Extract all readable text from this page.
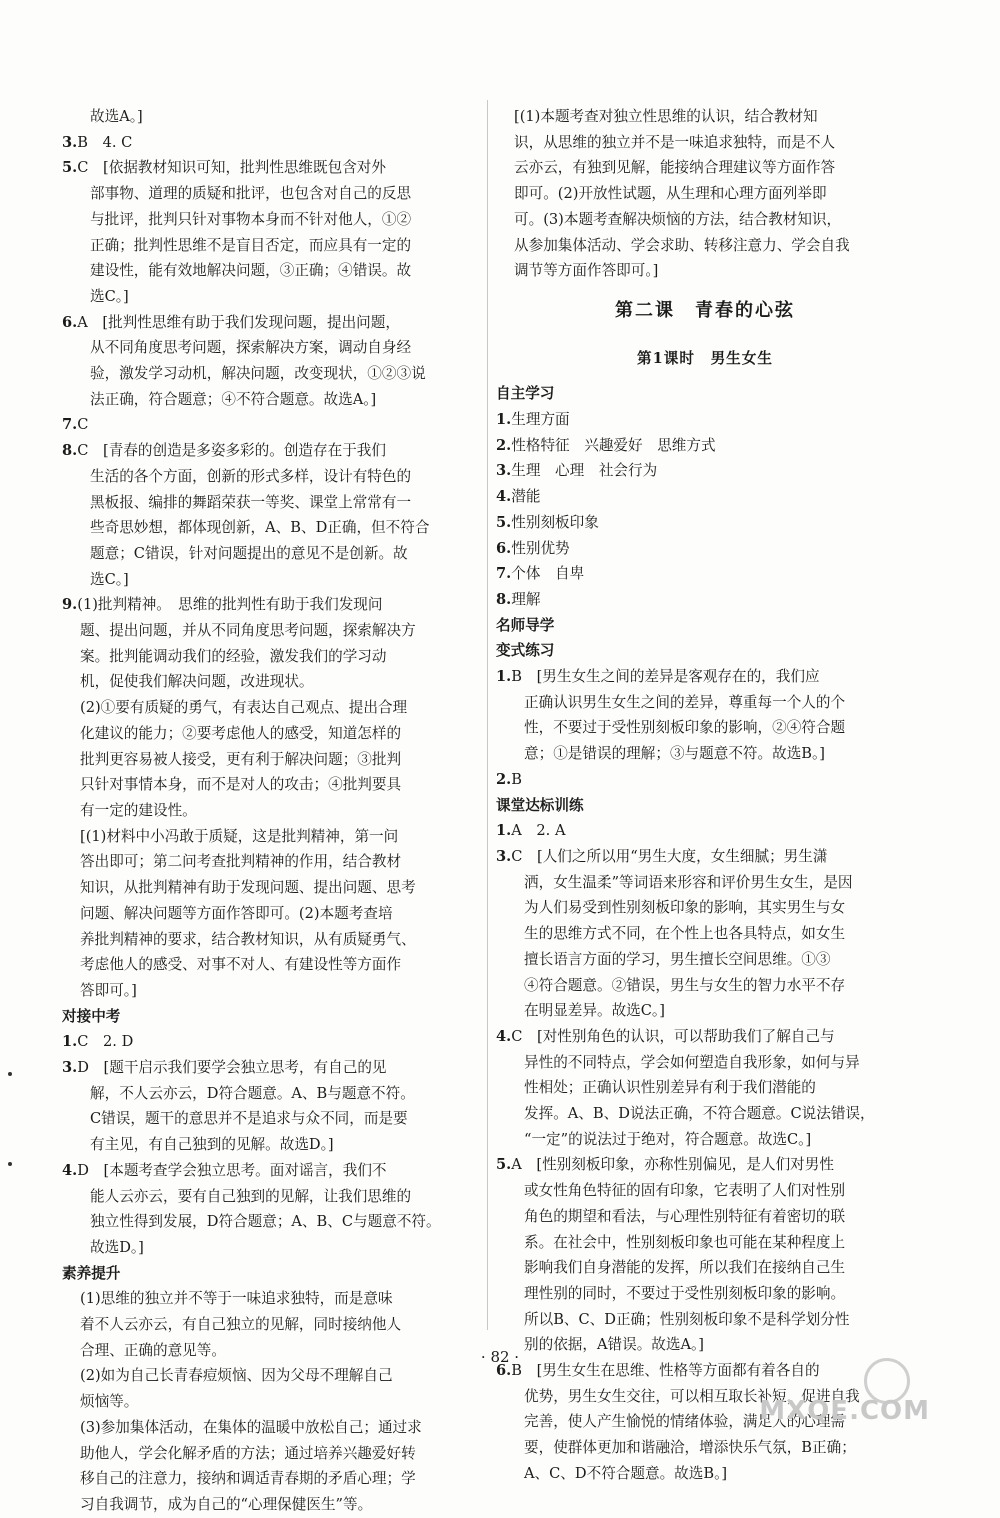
故选A。]
3.B　4. C
5.C　[依据教材知识可知，批判性思维既包含对外
部事物、道理的质疑和批评，也包含对自己的反思
与批评，批判只针对事物本身而不针对他人，①②
正确；批判性思维不是盲目否定，而应具有一定的
建设性，能有效地解决问题，③正确；④错误。故
选C。]
6.A　[批判性思维有助于我们发现问题，提出问题，
从不同角度思考问题，探索解决方案，调动自身经
验，激发学习动机，解决问题，改变现状，①②③说
法正确，符合题意；④不符合题意。故选A。]
7.C
8.C　[青春的创造是多姿多彩的。创造存在于我们
生活的各个方面，创新的形式多样，设计有特色的
黑板报、编排的舞蹈荣获一等奖、课堂上常常有一
些奇思妙想，都体现创新，A、B、D正确，但不符合
题意；C错误，针对问题提出的意见不是创新。故
选C。]
9.(1)批判精神。　思维的批判性有助于我们发现问
题、提出问题，并从不同角度思考问题，探索解决方
案。批判能调动我们的经验，激发我们的学习动
机，促使我们解决问题，改进现状。
(2)①要有质疑的勇气，有表达自己观点、提出合理
化建议的能力；②要考虑他人的感受，知道怎样的
批判更容易被人接受，更有利于解决问题；③批判
只针对事情本身，而不是对人的攻击；④批判要具
有一定的建设性。
[(1)材料中小冯敢于质疑，这是批判精神，第一问
答出即可；第二问考查批判精神的作用，结合教材
知识，从批判精神有助于发现问题、提出问题、思考
问题、解决问题等方面作答即可。(2)本题考查培
养批判精神的要求，结合教材知识，从有质疑勇气、
考虑他人的感受、对事不对人、有建设性等方面作
答即可。]
对接中考
1.C　2. D
3.D　[题干启示我们要学会独立思考，有自己的见
解，不人云亦云，D符合题意。A、B与题意不符。
C错误，题干的意思并不是追求与众不同，而是要
有主见，有自己独到的见解。故选D。]
4.D　[本题考查学会独立思考。面对谣言，我们不
能人云亦云，要有自己独到的见解，让我们思维的
独立性得到发展，D符合题意；A、B、C与题意不符。
故选D。]
素养提升
(1)思维的独立并不等于一味追求独特，而是意味
着不人云亦云，有自己独立的见解，同时接纳他人
合理、正确的意见等。
(2)如为自己长青春痘烦恼、因为父母不理解自己
烦恼等。
(3)参加集体活动，在集体的温暖中放松自己；通过求
助他人，学会化解矛盾的方法；通过培养兴趣爱好转
移自己的注意力，接纳和调适青春期的矛盾心理；学
习自我调节，成为自己的“心理保健医生”等。
[(1)本题考查对独立性思维的认识，结合教材知
识，从思维的独立并不是一味追求独特，而是不人
云亦云，有独到见解，能接纳合理建议等方面作答
即可。(2)开放性试题，从生理和心理方面列举即
可。(3)本题考查解决烦恼的方法，结合教材知识，
从参加集体活动、学会求助、转移注意力、学会自我
调节等方面作答即可。]
第二课　青春的心弦
第1课时　男生女生
自主学习
1.生理方面
2.性格特征　兴趣爱好　思维方式
3.生理　心理　社会行为
4.潜能
5.性别刻板印象
6.性别优势
7.个体　自卑
8.理解
名师导学
变式练习
1.B　[男生女生之间的差异是客观存在的，我们应
正确认识男生女生之间的差异，尊重每一个人的个
性，不要过于受性别刻板印象的影响，②④符合题
意；①是错误的理解；③与题意不符。故选B。]
2.B
课堂达标训练
1.A　2. A
3.C　[人们之所以用“男生大度，女生细腻；男生潇
洒，女生温柔”等词语来形容和评价男生女生，是因
为人们易受到性别刻板印象的影响，其实男生与女
生的思维方式不同，在个性上也各具特点，如女生
擅长语言方面的学习，男生擅长空间思维。①③
④符合题意。②错误，男生与女生的智力水平不存
在明显差异。故选C。]
4.C　[对性别角色的认识，可以帮助我们了解自己与
异性的不同特点，学会如何塑造自我形象，如何与异
性相处；正确认识性别差异有利于我们潜能的
发挥。A、B、D说法正确，不符合题意。C说法错误，
“一定”的说法过于绝对，符合题意。故选C。]
5.A　[性别刻板印象，亦称性别偏见，是人们对男性
或女性角色特征的固有印象，它表明了人们对性别
角色的期望和看法，与心理性别特征有着密切的联
系。在社会中，性别刻板印象也可能在某种程度上
影响我们自身潜能的发挥，所以我们在接纳自己生
理性别的同时，不要过于受性别刻板印象的影响。
所以B、C、D正确；性别刻板印象不是科学划分性
别的依据，A错误。故选A。]
6.B　[男生女生在思维、性格等方面都有着各自的
优势，男生女生交往，可以相互取长补短，促进自我
完善，使人产生愉悦的情绪体验，满足人的心理需
要，使群体更加和谐融洽，增添快乐气氛，B正确；
A、C、D不符合题意。故选B。]
· 82 ·
MXQE.COM
